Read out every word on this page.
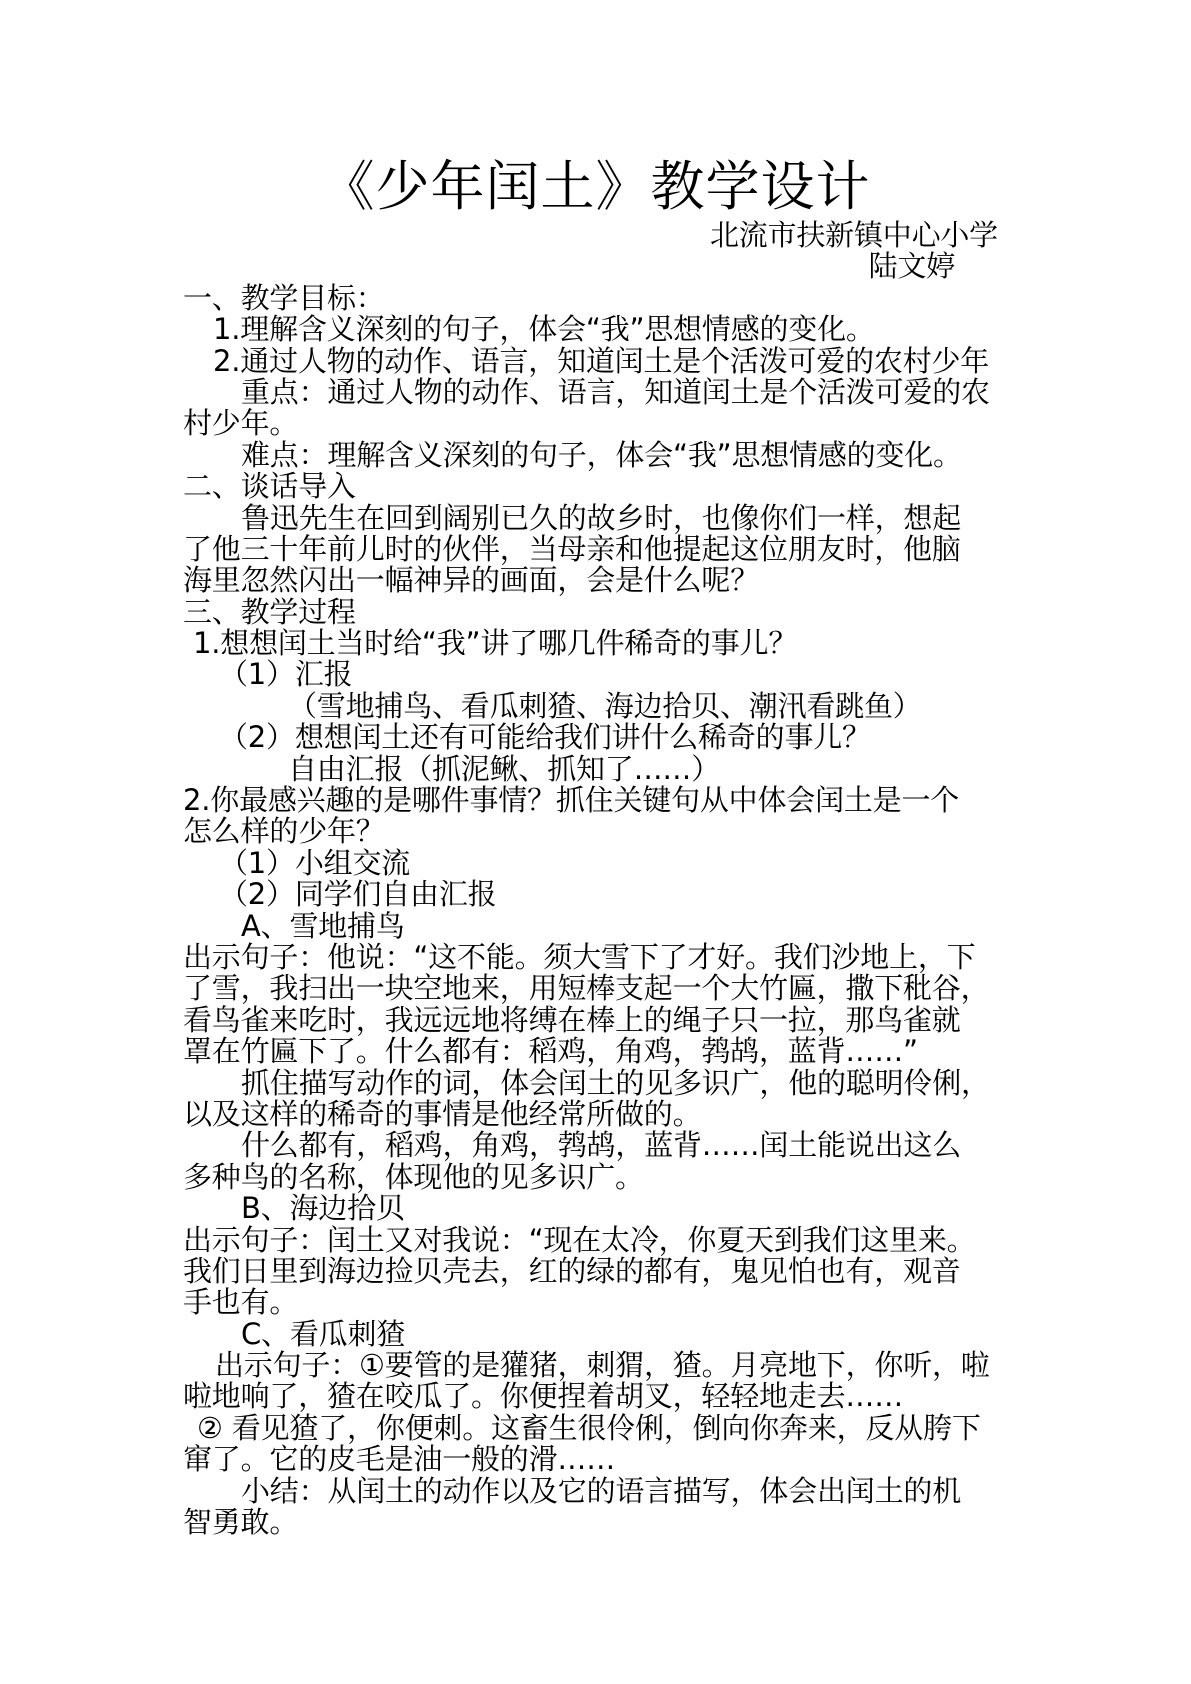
《少年闰土》教学设计
北流市扶新镇中心小学
陆文婷
一、教学目标：
1.理解含义深刻的句子，体会“我”思想情感的变化。
2.通过人物的动作、语言，知道闰土是个活泼可爱的农村少年
重点：通过人物的动作、语言，知道闰土是个活泼可爱的农
村少年。
难点：理解含义深刻的句子，体会“我”思想情感的变化。
二、谈话导入
鲁迅先生在回到阔别已久的故乡时，也像你们一样，想起
了他三十年前儿时的伙伴，当母亲和他提起这位朋友时，他脑
海里忽然闪出一幅神异的画面，会是什么呢？
三、教学过程
1.想想闰土当时给“我”讲了哪几件稀奇的事儿？
（1）汇报
（雪地捕鸟、看瓜刺猹、海边拾贝、潮汛看跳鱼）
（2）想想闰土还有可能给我们讲什么稀奇的事儿？
自由汇报（抓泥鳅、抓知了……）
2.你最感兴趣的是哪件事情？抓住关键句从中体会闰土是一个
怎么样的少年？
（1）小组交流
（2）同学们自由汇报
A、雪地捕鸟
出示句子：他说：“这不能。须大雪下了才好。我们沙地上，下
了雪，我扫出一块空地来，用短棒支起一个大竹匾，撒下秕谷，
看鸟雀来吃时，我远远地将缚在棒上的绳子只一拉，那鸟雀就
罩在竹匾下了。什么都有：稻鸡，角鸡，鹁鸪，蓝背……”
抓住描写动作的词，体会闰土的见多识广，他的聪明伶俐，
以及这样的稀奇的事情是他经常所做的。
什么都有，稻鸡，角鸡，鹁鸪，蓝背……闰土能说出这么
多种鸟的名称，体现他的见多识广。
B、海边拾贝
出示句子：闰土又对我说：“现在太冷，你夏天到我们这里来。
我们日里到海边捡贝壳去，红的绿的都有，鬼见怕也有，观音
手也有。
C、看瓜刺猹
出示句子：①要管的是獾猪，刺猬，猹。月亮地下，你听，啦
啦地响了，猹在咬瓜了。你便捏着胡叉，轻轻地走去……
② 看见猹了，你便刺。这畜生很伶俐，倒向你奔来，反从胯下
窜了。它的皮毛是油一般的滑……
小结：从闰土的动作以及它的语言描写，体会出闰土的机
智勇敢。
